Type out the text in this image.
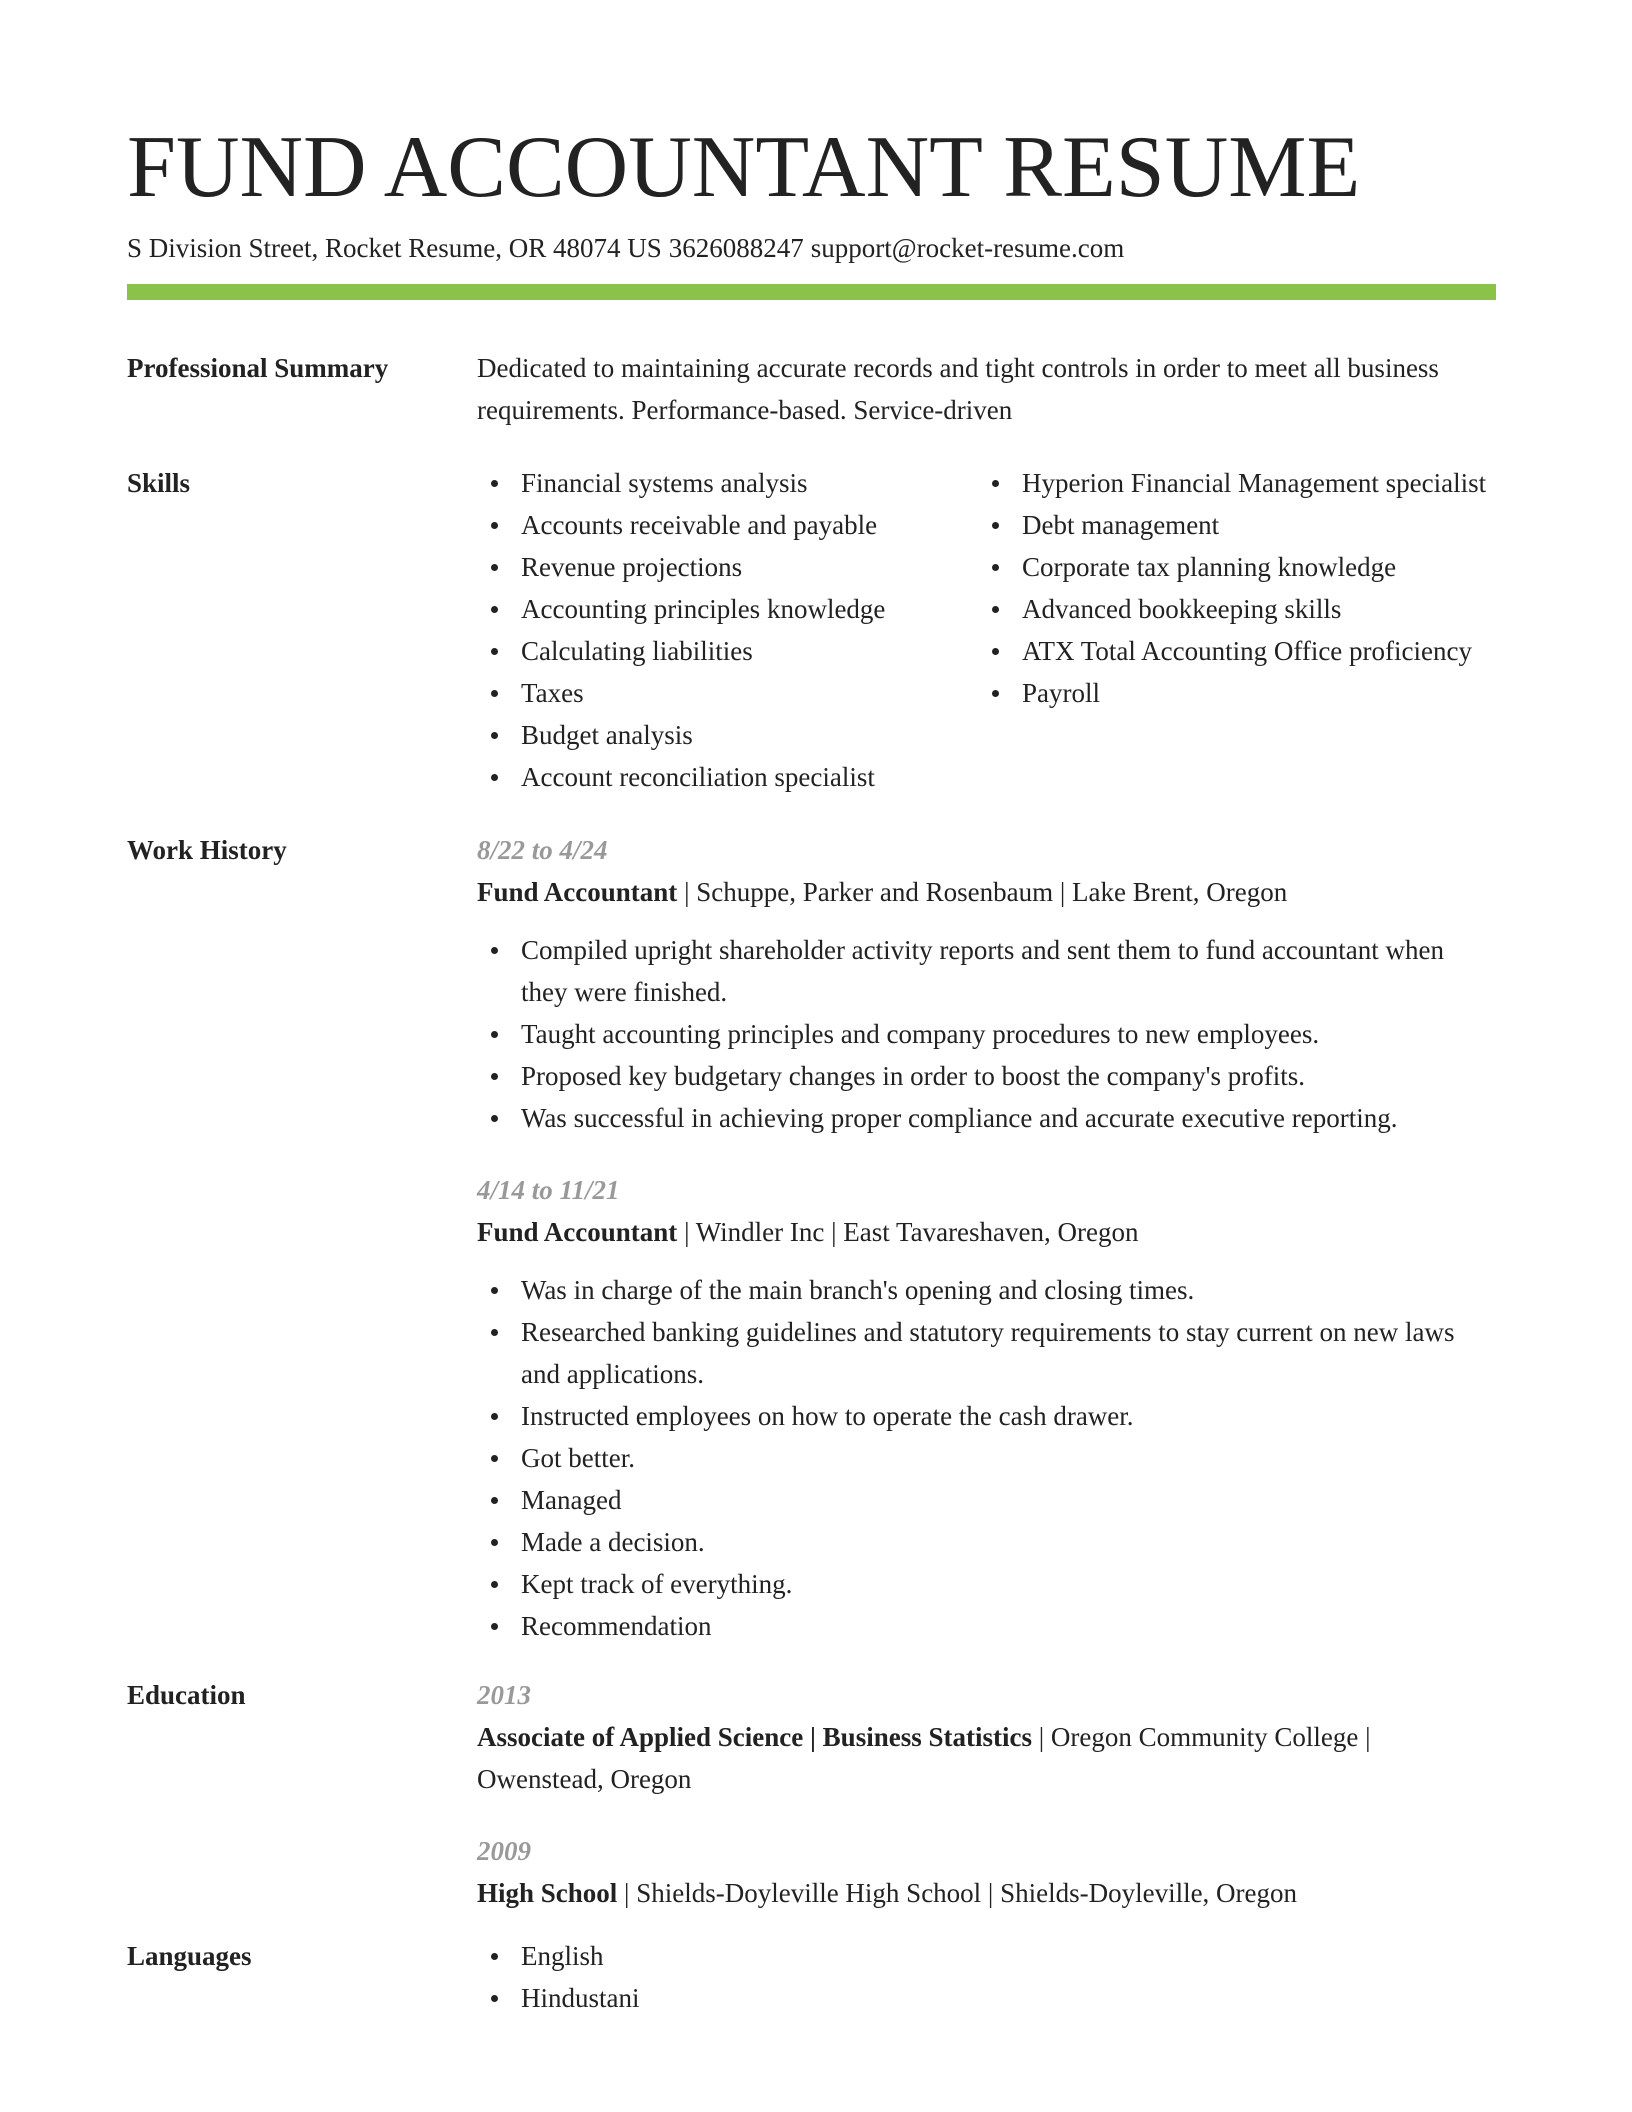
FUND ACCOUNTANT RESUME
S Division Street, Rocket Resume, OR 48074 US 3626088247 support@rocket-resume.com
Professional Summary	Dedicated to maintaining accurate records and tight controls in order to meet all business requirements. Performance-based. Service-driven
Skills	Financial systems analysis
Accounts receivable and payable
Revenue projections
Accounting principles knowledge
Calculating liabilities
Taxes
Budget analysis
Account reconciliation specialist
Hyperion Financial Management specialist
Debt management
Corporate tax planning knowledge
Advanced bookkeeping skills
ATX Total Accounting Office proficiency
Payroll
Work History	8/22 to 4/24
Fund Accountant | Schuppe, Parker and Rosenbaum | Lake Brent, Oregon
Compiled upright shareholder activity reports and sent them to fund accountant when they were finished.
Taught accounting principles and company procedures to new employees.
Proposed key budgetary changes in order to boost the company's profits.
Was successful in achieving proper compliance and accurate executive reporting.
4/14 to 11/21
Fund Accountant | Windler Inc | East Tavareshaven, Oregon
Was in charge of the main branch's opening and closing times.
Researched banking guidelines and statutory requirements to stay current on new laws and applications.
Instructed employees on how to operate the cash drawer.
Got better.
Managed
Made a decision.
Kept track of everything.
Recommendation
Education	2013
Associate of Applied Science | Business Statistics | Oregon Community College | Owenstead, Oregon
2009
High School | Shields-Doyleville High School | Shields-Doyleville, Oregon
Languages	English
Hindustani
